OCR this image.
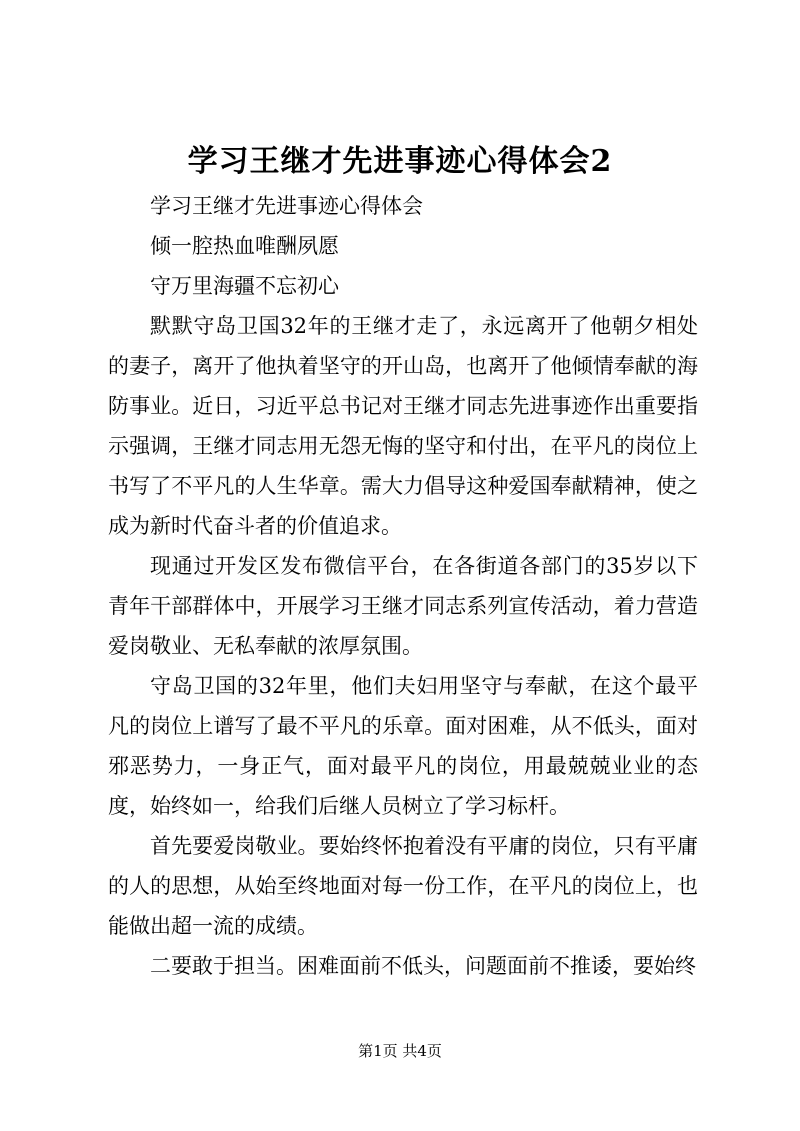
学习王继才先进事迹心得体会2

学习王继才先进事迹心得体会

倾一腔热血唯酬夙愿

守万里海疆不忘初心

默默守岛卫国32年的王继才走了，永远离开了他朝夕相处的妻子，离开了他执着坚守的开山岛，也离开了他倾情奉献的海防事业。近日，习近平总书记对王继才同志先进事迹作出重要指示强调，王继才同志用无怨无悔的坚守和付出，在平凡的岗位上书写了不平凡的人生华章。需大力倡导这种爱国奉献精神，使之成为新时代奋斗者的价值追求。

现通过开发区发布微信平台，在各街道各部门的35岁以下青年干部群体中，开展学习王继才同志系列宣传活动，着力营造爱岗敬业、无私奉献的浓厚氛围。

守岛卫国的32年里，他们夫妇用坚守与奉献，在这个最平凡的岗位上谱写了最不平凡的乐章。面对困难，从不低头，面对邪恶势力，一身正气，面对最平凡的岗位，用最兢兢业业的态度，始终如一，给我们后继人员树立了学习标杆。

首先要爱岗敬业。要始终怀抱着没有平庸的岗位，只有平庸的人的思想，从始至终地面对每一份工作，在平凡的岗位上，也能做出超一流的成绩。

二要敢于担当。困难面前不低头，问题面前不推诿，要始终

第1页 共4页
